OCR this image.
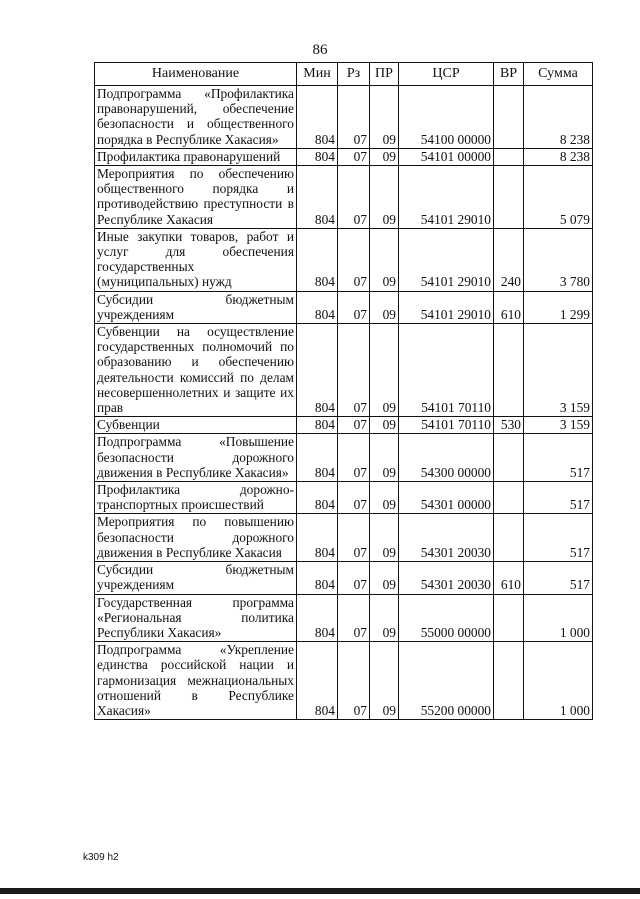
86
Наименование	Мин	Рз	ПР	ЦСР	ВР	Сумма
Подпрограмма «Профилактика правонарушений, обеспечение безопасности и общественного порядка в Республике Хакасия»	804	07	09	54100 00000		8 238
Профилактика правонарушений	804	07	09	54101 00000		8 238
Мероприятия по обеспечению общественного порядка и противодействию преступности в Республике Хакасия	804	07	09	54101 29010		5 079
Иные закупки товаров, работ и услуг для обеспечения государственных (муниципальных) нужд	804	07	09	54101 29010	240	3 780
Субсидии бюджетным учреждениям	804	07	09	54101 29010	610	1 299
Субвенции на осуществление государственных полномочий по образованию и обеспечению деятельности комиссий по делам несовершеннолетних и защите их прав	804	07	09	54101 70110		3 159
Субвенции	804	07	09	54101 70110	530	3 159
Подпрограмма «Повышение безопасности дорожного движения в Республике Хакасия»	804	07	09	54300 00000		517
Профилактика дорожно-транспортных происшествий	804	07	09	54301 00000		517
Мероприятия по повышению безопасности дорожного движения в Республике Хакасия	804	07	09	54301 20030		517
Субсидии бюджетным учреждениям	804	07	09	54301 20030	610	517
Государственная программа «Региональная политика Республики Хакасия»	804	07	09	55000 00000		1 000
Подпрограмма «Укрепление единства российской нации и гармонизация межнациональных отношений в Республике Хакасия»	804	07	09	55200 00000		1 000
k309 h2
